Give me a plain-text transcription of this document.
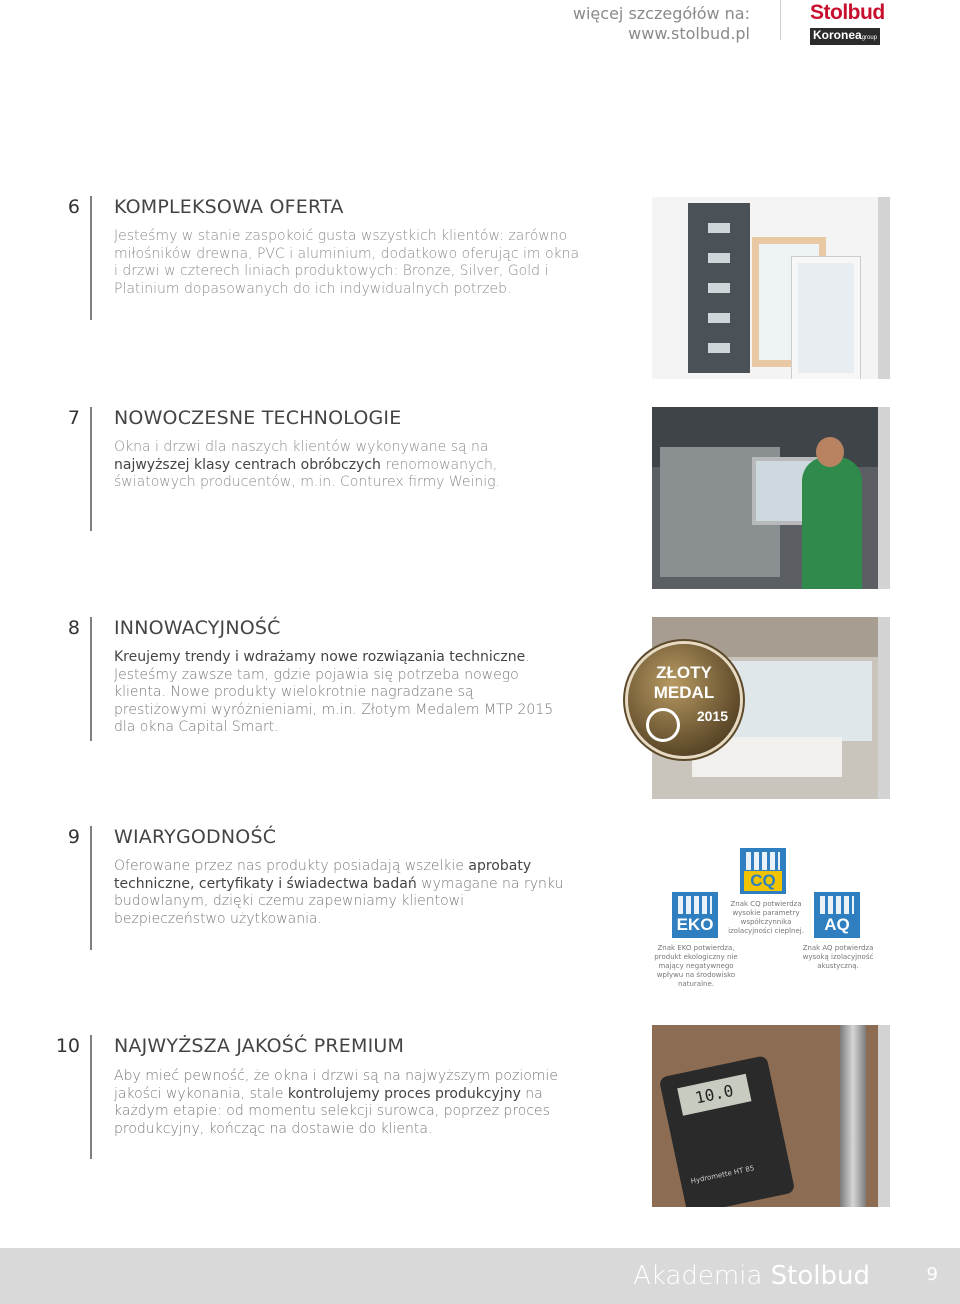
więcej szczegółów na:
www.stolbud.pl
Stolbud
Koroneagroup
6 KOMPLEKSOWA OFERTA
Jesteśmy w stanie zaspokoić gusta wszystkich klientów: zarówno miłośników drewna, PVC i aluminium, dodatkowo oferując im okna i drzwi w czterech liniach produktowych: Bronze, Silver, Gold i Platinium dopasowanych do ich indywidualnych potrzeb.
7 NOWOCZESNE TECHNOLOGIE
Okna i drzwi dla naszych klientów wykonywane są na najwyższej klasy centrach obróbczych renomowanych, światowych producentów, m.in. Conturex firmy Weinig.
8 INNOWACYJNOŚĆ
Kreujemy trendy i wdrażamy nowe rozwiązania techniczne. Jesteśmy zawsze tam, gdzie pojawia się potrzeba nowego klienta. Nowe produkty wielokrotnie nagradzane są prestiżowymi wyróżnieniami, m.in. Złotym Medalem MTP 2015 dla okna Capital Smart.
ZŁOTY
MEDAL
2015
9 WIARYGODNOŚĆ
Oferowane przez nas produkty posiadają wszelkie aprobaty techniczne, certyfikaty i świadectwa badań wymagane na rynku budowlanym, dzięki czemu zapewniamy klientowi bezpieczeństwo użytkowania.
CQ
Znak CQ potwierdza wysokie parametry współczynnika izolacyjności cieplnej.
EKO
Znak EKO potwierdza, produkt ekologiczny nie mający negatywnego wpływu na środowisko naturalne.
AQ
Znak AQ potwierdza wysoką izolacyjność akustyczną.
10 NAJWYŻSZA JAKOŚĆ PREMIUM
Aby mieć pewność, że okna i drzwi są na najwyższym poziomie jakości wykonania, stale kontrolujemy proces produkcyjny na każdym etapie: od momentu selekcji surowca, poprzez proces produkcyjny, kończąc na dostawie do klienta.
10.0
Hydromette HT 85
Akademia Stolbud	9
